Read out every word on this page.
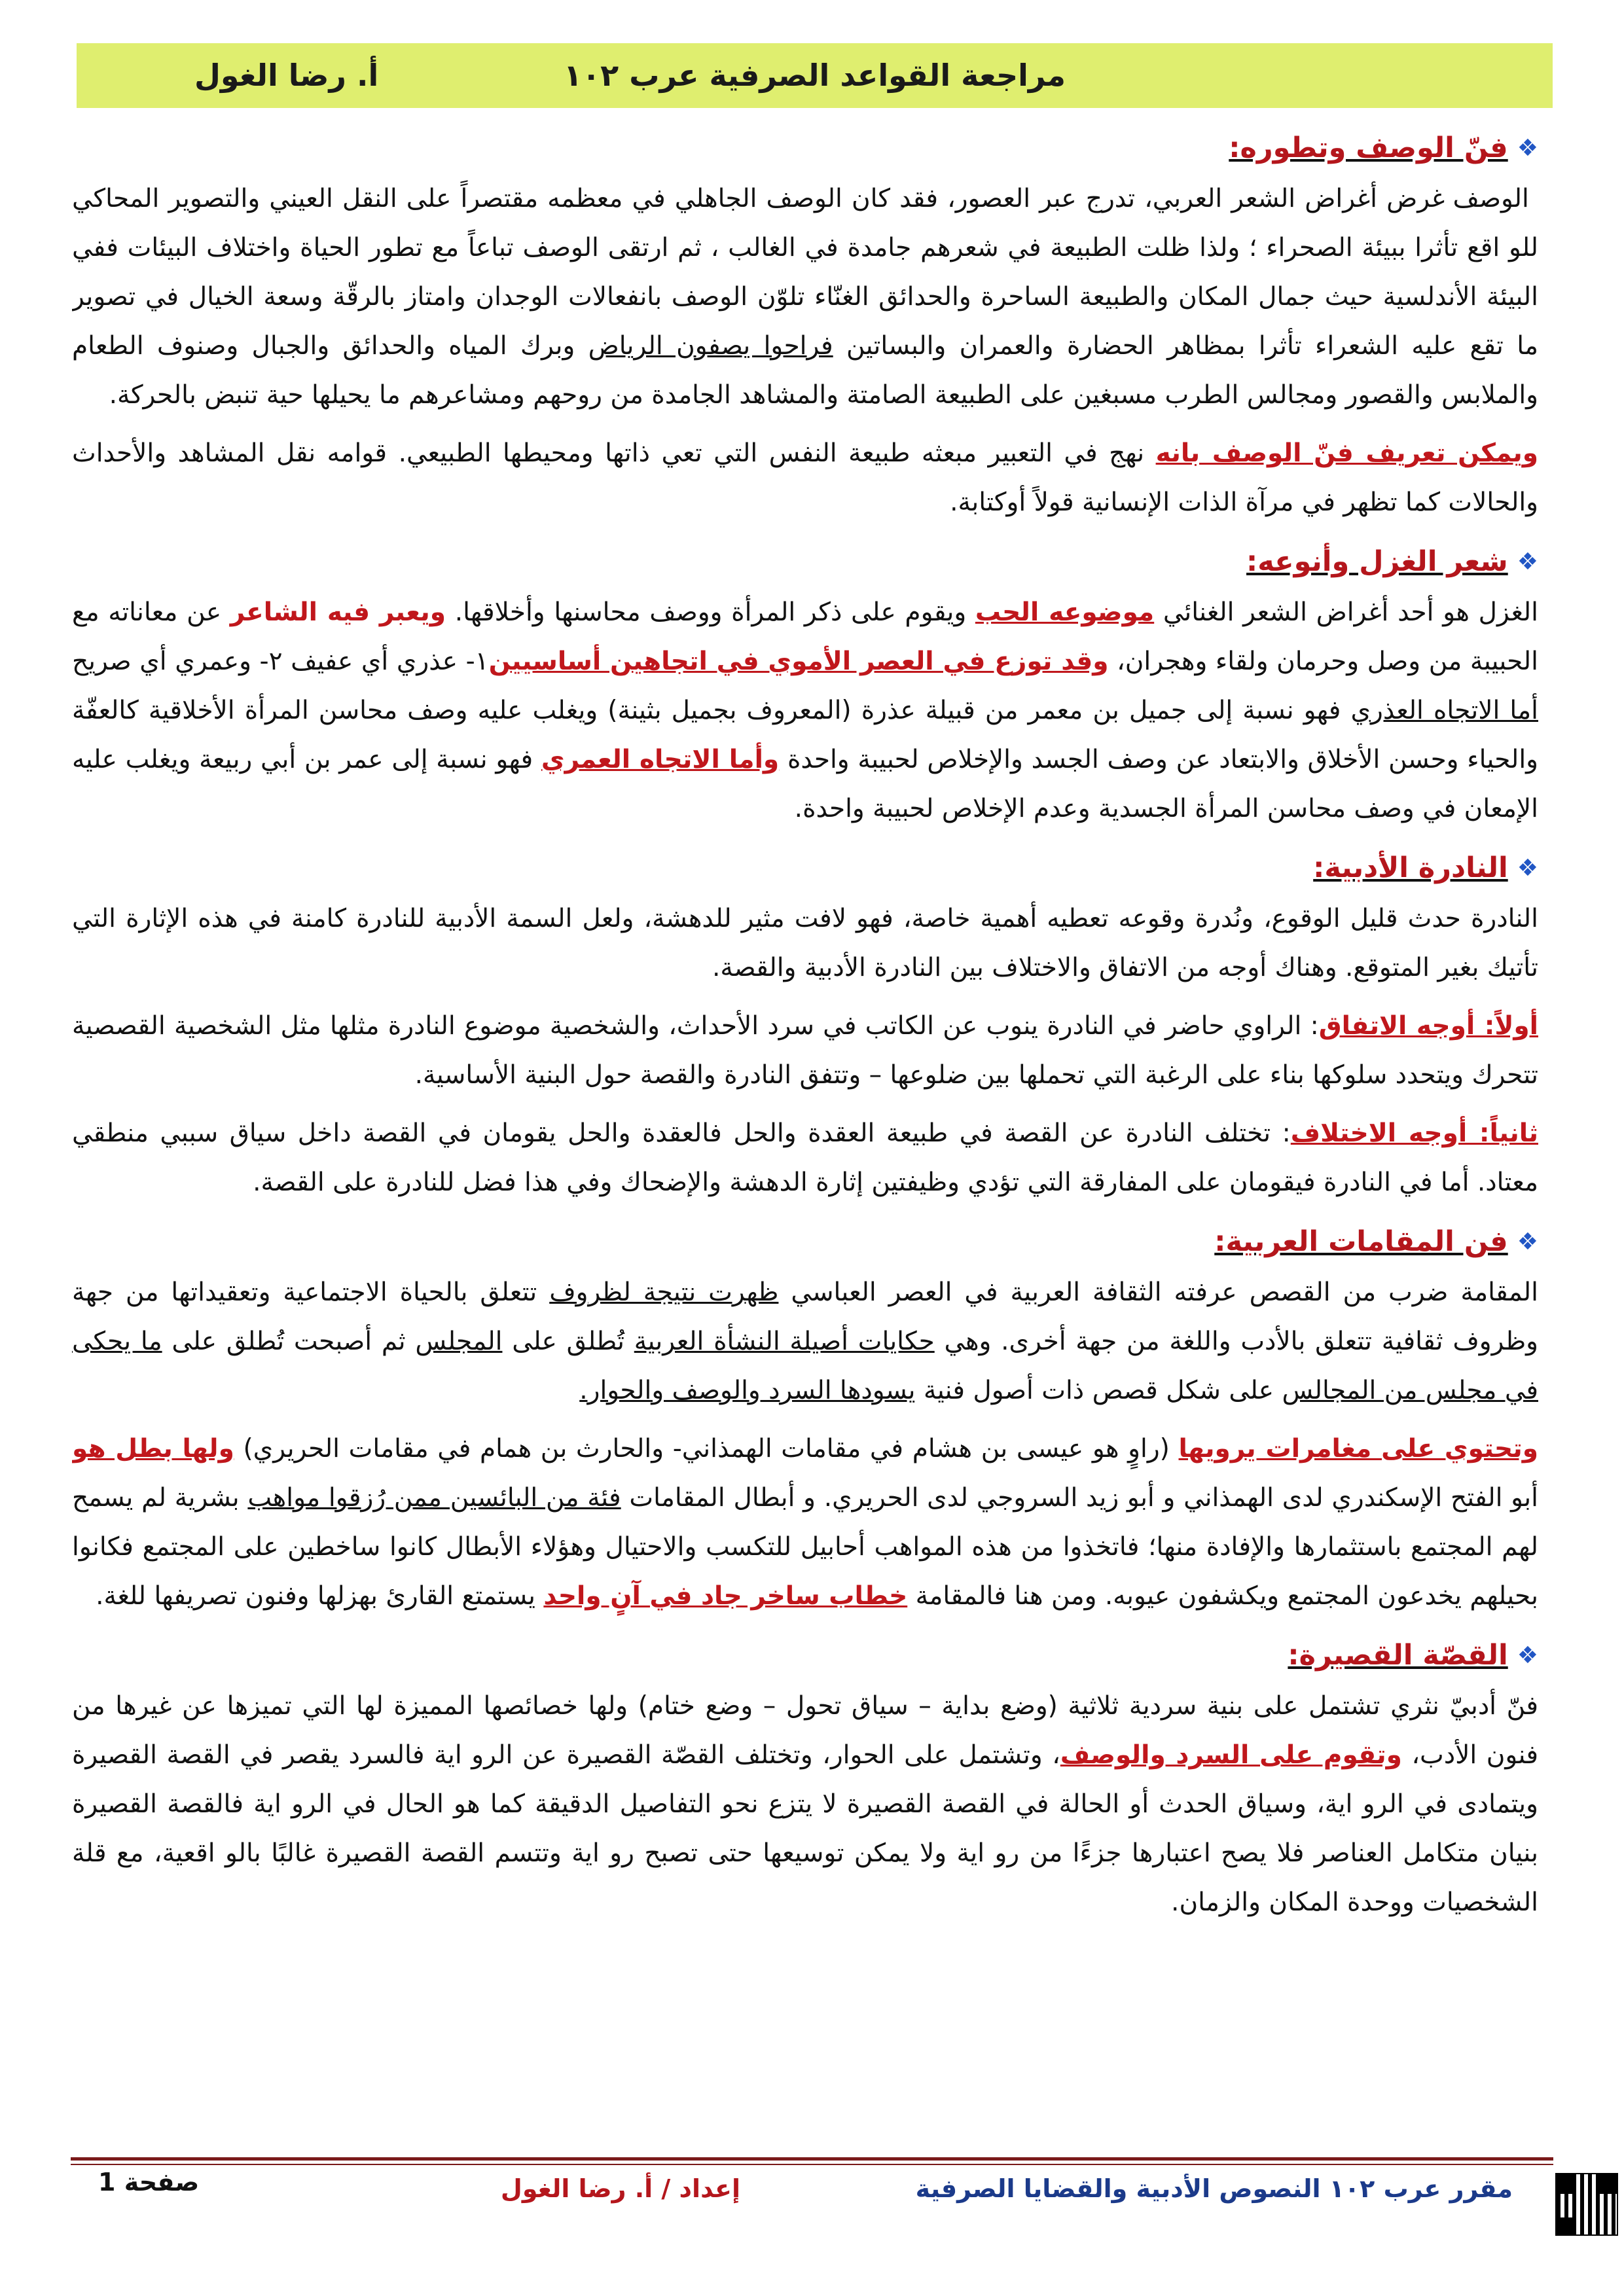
مراجعة القواعد الصرفية عرب ١٠٢
أ. رضا الغول
❖فنّ الوصف وتطوره:

الوصف غرض أغراض الشعر العربي، تدرج عبر العصور، فقد كان الوصف الجاهلي في معظمه مقتصراً على النقل العيني والتصوير المحاكي للو اقع تأثرا ببيئة الصحراء ؛ ولذا ظلت الطبيعة في شعرهم جامدة في الغالب ، ثم ارتقى الوصف تباعاً مع تطور الحياة واختلاف البيئات ففي البيئة الأندلسية حيث جمال المكان والطبيعة الساحرة والحدائق الغنّاء تلوّن الوصف بانفعالات الوجدان وامتاز بالرقّة وسعة الخيال في تصوير ما تقع عليه الشعراء تأثرا بمظاهر الحضارة والعمران والبساتين فراحوا يصفون الرياض وبرك المياه والحدائق والجبال وصنوف الطعام والملابس والقصور ومجالس الطرب مسبغين على الطبيعة الصامتة والمشاهد الجامدة من روحهم ومشاعرهم ما يحيلها حية تنبض بالحركة.

ويمكن تعريف فنّ الوصف بانه نهج في التعبير مبعثه طبيعة النفس التي تعي ذاتها ومحيطها الطبيعي. قوامه نقل المشاهد والأحداث والحالات كما تظهر في مرآة الذات الإنسانية قولاً أوكتابة.

❖شعر الغزل وأنوعه:

الغزل هو أحد أغراض الشعر الغنائي موضوعه الحب ويقوم على ذكر المرأة ووصف محاسنها وأخلاقها. ويعبر فيه الشاعر عن معاناته مع الحبيبة من وصل وحرمان ولقاء وهجران، وقد توزع في العصر الأموي في اتجاهين أساسيين١- عذري أي عفيف ٢- وعمري أي صريح أما الاتجاه العذري فهو نسبة إلى جميل بن معمر من قبيلة عذرة (المعروف بجميل بثينة) ويغلب عليه وصف محاسن المرأة الأخلاقية كالعفّة والحياء وحسن الأخلاق والابتعاد عن وصف الجسد والإخلاص لحبيبة واحدة وأما الاتجاه العمري فهو نسبة إلى عمر بن أبي ربيعة ويغلب عليه الإمعان في وصف محاسن المرأة الجسدية وعدم الإخلاص لحبيبة واحدة.

❖النادرة الأدبية:

النادرة حدث قليل الوقوع، ونُدرة وقوعه تعطيه أهمية خاصة، فهو لافت مثير للدهشة، ولعل السمة الأدبية للنادرة كامنة في هذه الإثارة التي تأتيك بغير المتوقع. وهناك أوجه من الاتفاق والاختلاف بين النادرة الأدبية والقصة.

أولاً: أوجه الاتفاق: الراوي حاضر في النادرة ينوب عن الكاتب في سرد الأحداث، والشخصية موضوع النادرة مثلها مثل الشخصية القصصية تتحرك ويتحدد سلوكها بناء على الرغبة التي تحملها بين ضلوعها – وتتفق النادرة والقصة حول البنية الأساسية.

ثانياً: أوجه الاختلاف: تختلف النادرة عن القصة في طبيعة العقدة والحل فالعقدة والحل يقومان في القصة داخل سياق سببي منطقي معتاد. أما في النادرة فيقومان على المفارقة التي تؤدي وظيفتين إثارة الدهشة والإضحاك وفي هذا فضل للنادرة على القصة.

❖فن المقامات العربية:

المقامة ضرب من القصص عرفته الثقافة العربية في العصر العباسي ظهرت نتيجة لظروف تتعلق بالحياة الاجتماعية وتعقيداتها من جهة وظروف ثقافية تتعلق بالأدب واللغة من جهة أخرى. وهي حكايات أصيلة النشأة العربية تُطلق على المجلس ثم أصبحت تُطلق على ما يحكى في مجلس من المجالس على شكل قصص ذات أصول فنية يسودها السرد والوصف والحوار.

وتحتوي على مغامرات يرويها (راوٍ هو عيسى بن هشام في مقامات الهمذاني- والحارث بن همام في مقامات الحريري) ولها بطل هو أبو الفتح الإسكندري لدى الهمذاني و أبو زيد السروجي لدى الحريري. و أبطال المقامات فئة من البائسين ممن رُزقوا مواهب بشرية لم يسمح لهم المجتمع باستثمارها والإفادة منها؛ فاتخذوا من هذه المواهب أحابيل للتكسب والاحتيال وهؤلاء الأبطال كانوا ساخطين على المجتمع فكانوا بحيلهم يخدعون المجتمع ويكشفون عيوبه. ومن هنا فالمقامة خطاب ساخر جاد في آنٍ واحد يستمتع القارئ بهزلها وفنون تصريفها للغة.

❖القصّة القصيرة:

فنّ أدبيّ نثري تشتمل على بنية سردية ثلاثية (وضع بداية – سياق تحول – وضع ختام) ولها خصائصها المميزة لها التي تميزها عن غيرها من فنون الأدب، وتقوم على السرد والوصف، وتشتمل على الحوار، وتختلف القصّة القصيرة عن الرو اية فالسرد يقصر في القصة القصيرة ويتمادى في الرو اية، وسياق الحدث أو الحالة في القصة القصيرة لا يتزع نحو التفاصيل الدقيقة كما هو الحال في الرو اية فالقصة القصيرة بنيان متكامل العناصر فلا يصح اعتبارها جزءًا من رو اية ولا يمكن توسيعها حتى تصبح رو اية وتتسم القصة القصيرة غالبًا بالو اقعية، مع قلة الشخصيات ووحدة المكان والزمان.

مقرر عرب ١٠٢ النصوص الأدبية والقضايا الصرفية
إعداد / أ. رضا الغول
صفحة 1
